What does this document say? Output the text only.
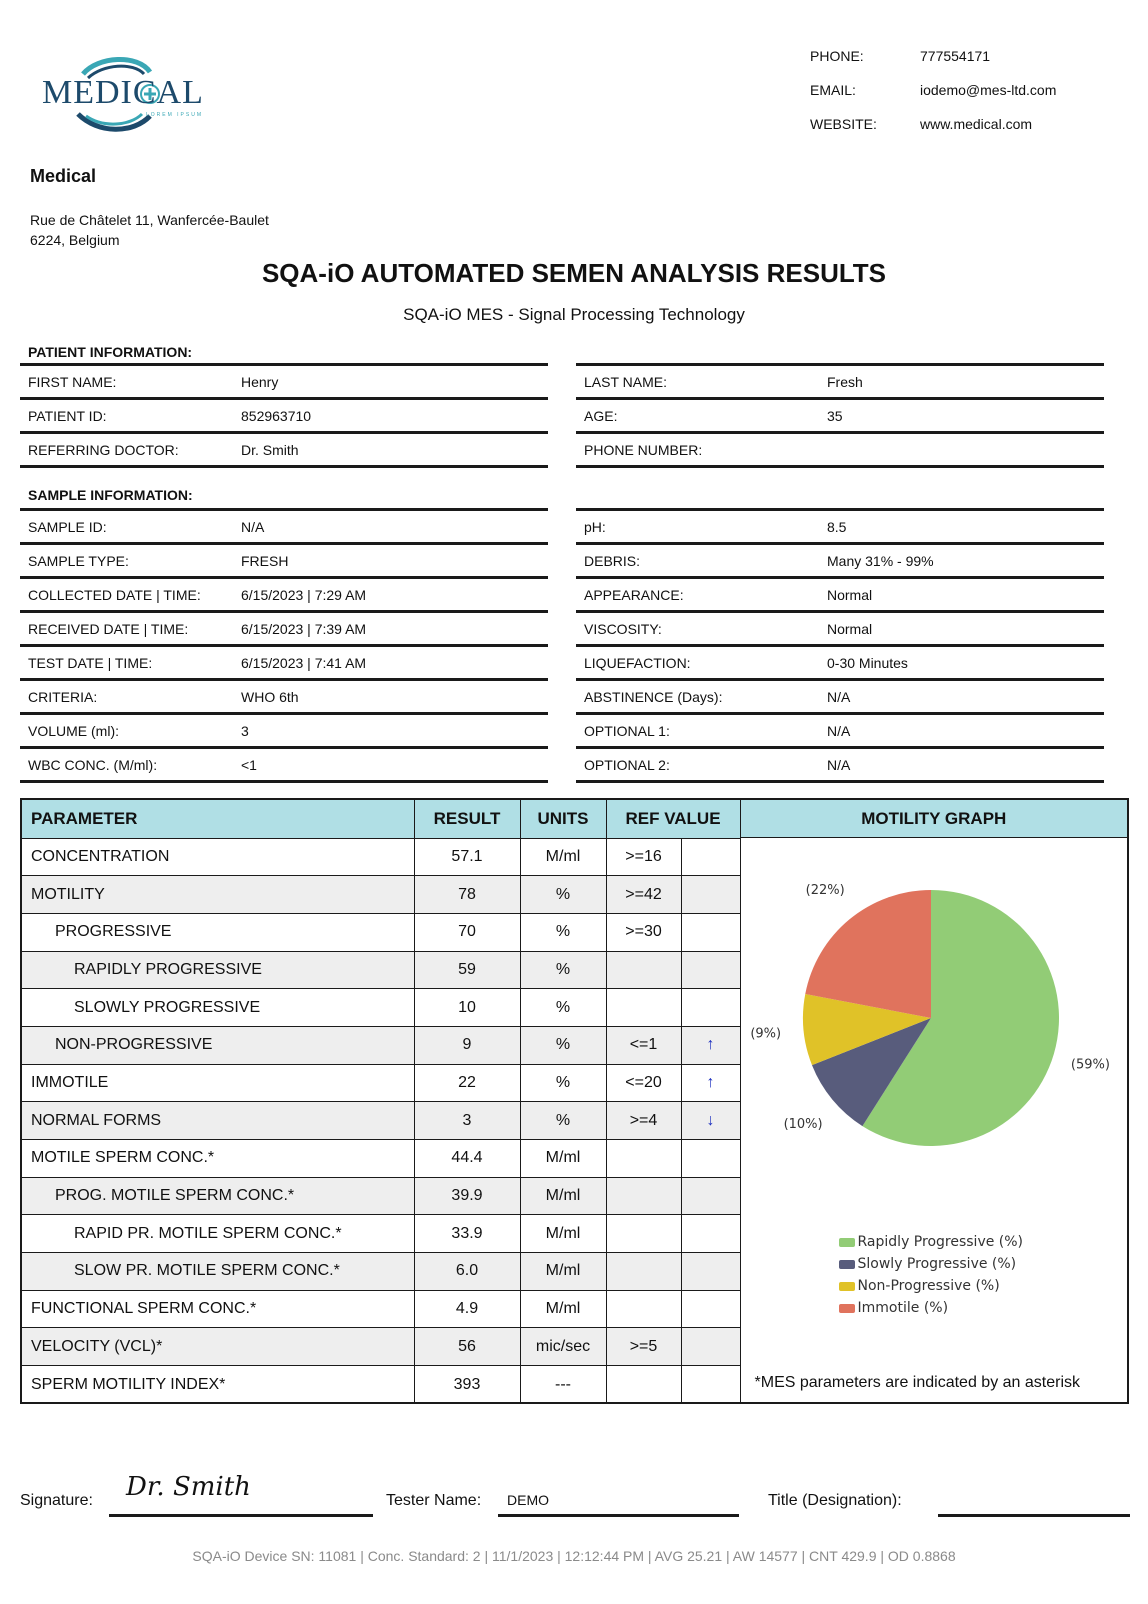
MEDICAL
LOREM IPSUM
PHONE:	777554171
EMAIL:	iodemo@mes-ltd.com
WEBSITE:	www.medical.com
Medical
Rue de Châtelet 11, Wanfercée-Baulet
6224, Belgium
SQA-iO AUTOMATED SEMEN ANALYSIS RESULTS
SQA-iO MES - Signal Processing Technology
PATIENT INFORMATION:
FIRST NAME:	Henry
PATIENT ID:	852963710
REFERRING DOCTOR:	Dr. Smith
LAST NAME:	Fresh
AGE:	35
PHONE NUMBER:
SAMPLE INFORMATION:
SAMPLE ID:	N/A
SAMPLE TYPE:	FRESH
COLLECTED DATE | TIME:	6/15/2023 | 7:29 AM
RECEIVED DATE | TIME:	6/15/2023 | 7:39 AM
TEST DATE | TIME:	6/15/2023 | 7:41 AM
CRITERIA:	WHO 6th
VOLUME (ml):	3
WBC CONC. (M/ml):	<1
pH:	8.5
DEBRIS:	Many 31% - 99%
APPEARANCE:	Normal
VISCOSITY:	Normal
LIQUEFACTION:	0-30 Minutes
ABSTINENCE (Days):	N/A
OPTIONAL 1:	N/A
OPTIONAL 2:	N/A
PARAMETER	RESULT	UNITS	REF VALUE	
CONCENTRATION	57.1	M/ml	>=16	
MOTILITY	78	%	>=42	
PROGRESSIVE	70	%	>=30	
RAPIDLY PROGRESSIVE	59	%		
SLOWLY PROGRESSIVE	10	%		
NON-PROGRESSIVE	9	%	<=1	↑
IMMOTILE	22	%	<=20	↑
NORMAL FORMS	3	%	>=4	↓
MOTILE SPERM CONC.*	44.4	M/ml		
PROG. MOTILE SPERM CONC.*	39.9	M/ml		
RAPID PR. MOTILE SPERM CONC.*	33.9	M/ml		
SLOW PR. MOTILE SPERM CONC.*	6.0	M/ml		
FUNCTIONAL SPERM CONC.*	4.9	M/ml		
VELOCITY (VCL)*	56	mic/sec	>=5	
SPERM MOTILITY INDEX*	393	---		
MOTILITY GRAPH
(59%)
(10%)
(9%)
(22%)
Rapidly Progressive (%)
Slowly Progressive (%)
Non-Progressive (%)
Immotile (%)
*MES parameters are indicated by an asterisk
Signature: Dr. Smith	Tester Name: DEMO	Title (Designation):
SQA-iO Device SN: 11081 | Conc. Standard: 2 | 11/1/2023 | 12:12:44 PM | AVG 25.21 | AW 14577 | CNT 429.9 | OD 0.8868
